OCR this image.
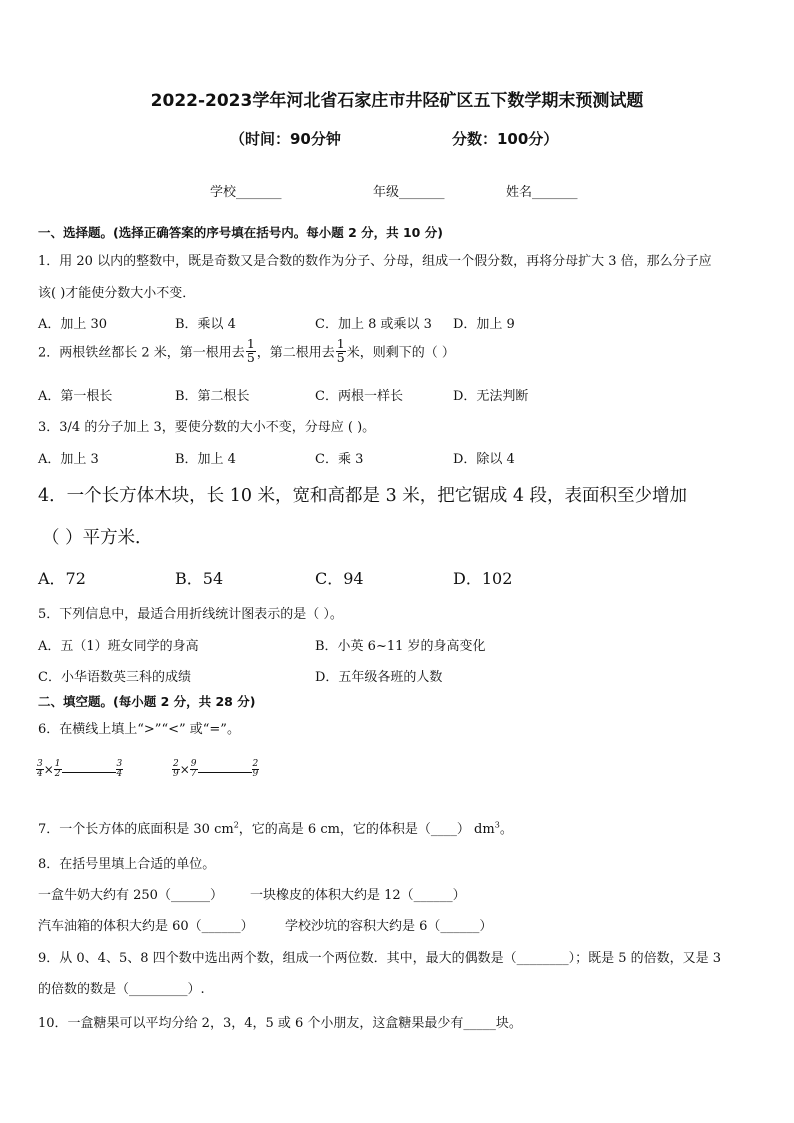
2022-2023学年河北省石家庄市井陉矿区五下数学期末预测试题
（时间：90分钟	分数：100分）
学校_______	年级_______	姓名_______
一、选择题。(选择正确答案的序号填在括号内。每小题 2 分，共 10 分)
1．用 20 以内的整数中，既是奇数又是合数的数作为分子、分母，组成一个假分数，再将分母扩大 3 倍，那么分子应
该( )才能使分数大小不变．
A．加上 30	B．乘以 4	C．加上 8 或乘以 3 D．加上 9
2．两根铁丝都长 2 米，第一根用去 $\frac{1}{5}$ ，第二根用去 $\frac{1}{5}$ 米，则剩下的（ ）
A．第一根长	B．第二根长	C．两根一样长	D．无法判断
3．3/4 的分子加上 3，要使分数的大小不变，分母应 ( )。
A．加上 3	B．加上 4	C．乘 3	D．除以 4
4．一个长方体木块，长 10 米，宽和高都是 3 米，把它锯成 4 段，表面积至少增加
（ ）平方米．
A．72	B．54	C．94	D．102
5．下列信息中，最适合用折线统计图表示的是（ ）。
A．五（1）班女同学的身高	B．小英 6~11 岁的身高变化
C．小华语数英三科的成绩	D．五年级各班的人数
二、填空题。(每小题 2 分，共 28 分)
6．在横线上填上“>”“<” 或“=”。
$\frac{3}{4} \times \frac{1}{2}$	$\frac{3}{4}$	$\frac{2}{9} \times \frac{9}{7}$	$\frac{2}{9}$
7．一个长方体的底面积是 30 $cm^2$，它的高是 6 cm，它的体积是（____） $dm^3$。
8．在括号里填上合适的单位。
一盒牛奶大约有 250（______） 一块橡皮的体积大约是 12（______）
汽车油箱的体积大约是 60（______） 学校沙坑的容积大约是 6（______）
9．从 0、4、5、8 四个数中选出两个数，组成一个两位数．其中，最大的偶数是（________）；既是 5 的倍数，又是 3
的倍数的数是（_________）.
10．一盒糖果可以平均分给 2，3，4，5 或 6 个小朋友，这盒糖果最少有_____块。
